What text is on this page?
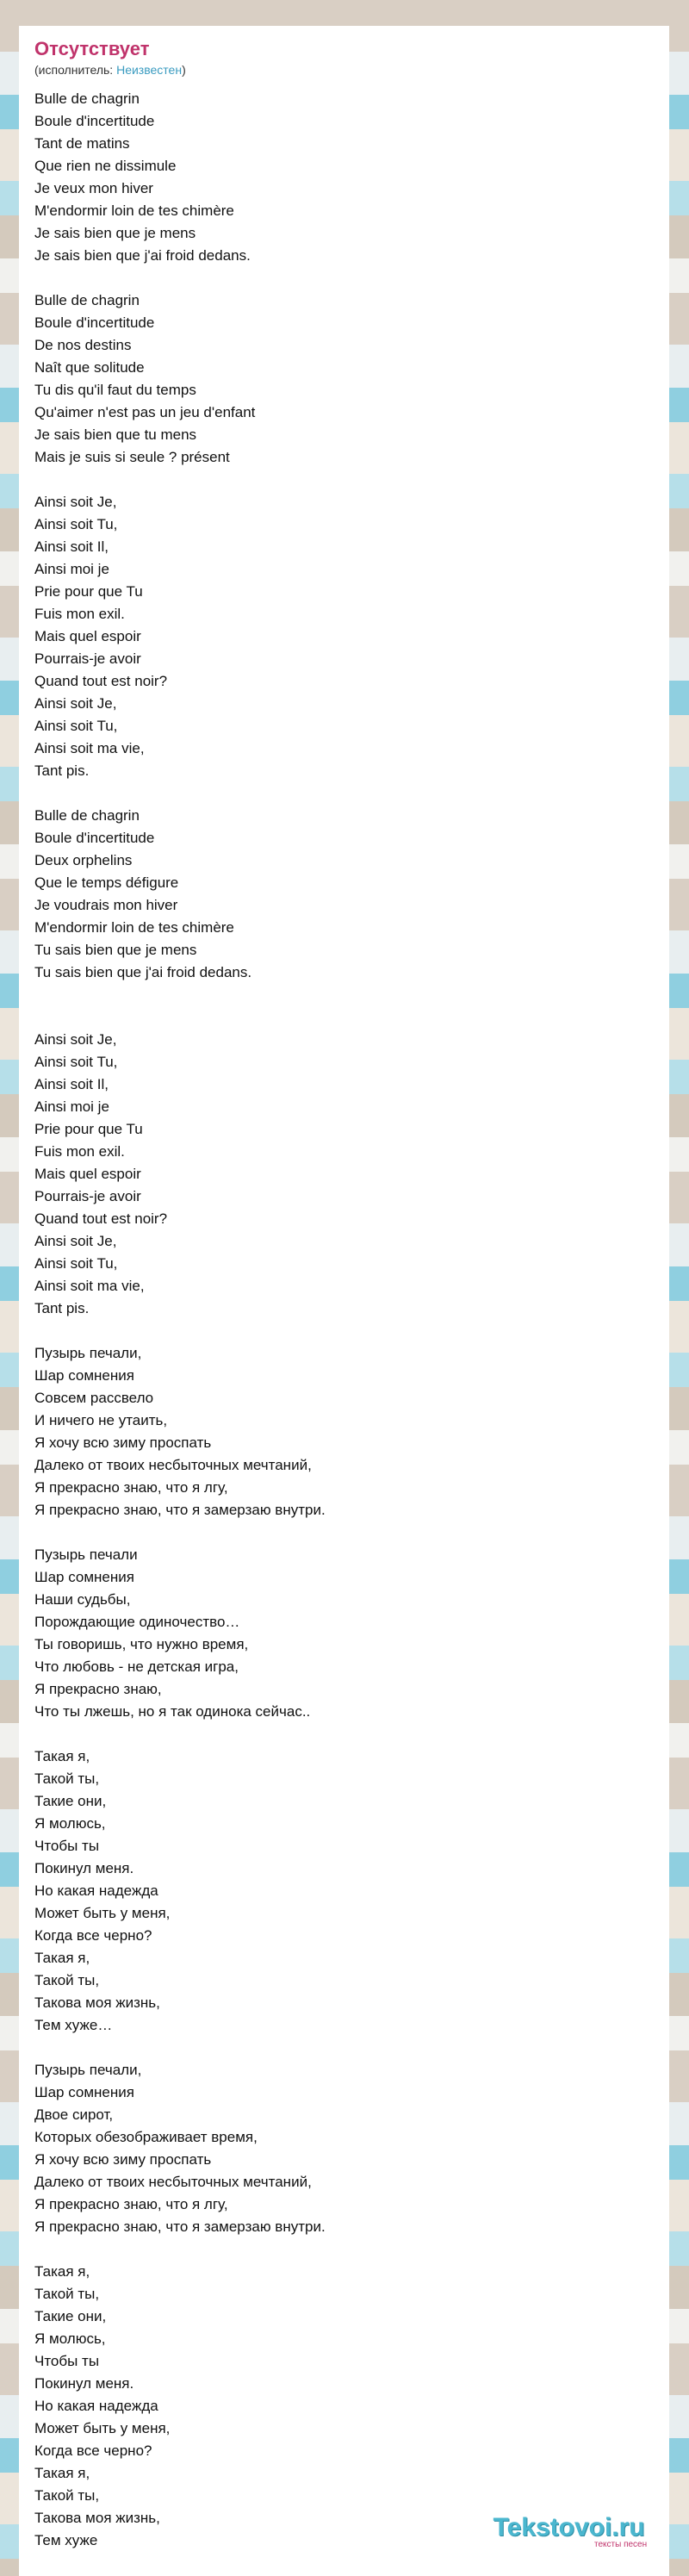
Отсутствует
(исполнитель: Неизвестен)
Bulle de chagrin
Boule d'incertitude
Tant de matins
Que rien ne dissimule
Je veux mon hiver
M'endormir loin de tes chimère
Je sais bien que je mens
Je sais bien que j'ai froid dedans.
Bulle de chagrin
Boule d'incertitude
De nos destins
Naît que solitude
Tu dis qu'il faut du temps
Qu'aimer n'est pas un jeu d'enfant
Je sais bien que tu mens
Mais je suis si seule ? présent
Ainsi soit Je,
Ainsi soit Tu,
Ainsi soit Il,
Ainsi moi je
Prie pour que Tu
Fuis mon exil.
Mais quel espoir
Pourrais-je avoir
Quand tout est noir?
Ainsi soit Je,
Ainsi soit Tu,
Ainsi soit ma vie,
Tant pis.
Bulle de chagrin
Boule d'incertitude
Deux orphelins
Que le temps défigure
Je voudrais mon hiver
M'endormir loin de tes chimère
Tu sais bien que je mens
Tu sais bien que j'ai froid dedans.

Ainsi soit Je,
Ainsi soit Tu,
Ainsi soit Il,
Ainsi moi je
Prie pour que Tu
Fuis mon exil.
Mais quel espoir
Pourrais-je avoir
Quand tout est noir?
Ainsi soit Je,
Ainsi soit Tu,
Ainsi soit ma vie,
Tant pis.
Пузырь печали,
Шар сомнения
Совсем рассвело
И ничего не утаить,
Я хочу всю зиму проспать
Далеко от твоих несбыточных мечтаний,
Я прекрасно знаю, что я лгу,
Я прекрасно знаю, что я замерзаю внутри.
Пузырь печали
Шар сомнения
Наши судьбы,
Порождающие одиночество…
Ты говоришь, что нужно время,
Что любовь - не детская игра,
Я прекрасно знаю,
Что ты лжешь, но я так одинока сейчас..
Такая я,
Такой ты,
Такие они,
Я молюсь,
Чтобы ты
Покинул меня.
Но какая надежда
Может быть у меня,
Когда все черно?
Такая я,
Такой ты,
Такова моя жизнь,
Тем хуже…
Пузырь печали,
Шар сомнения
Двое сирот,
Которых обезображивает время,
Я хочу всю зиму проспать
Далеко от твоих несбыточных мечтаний,
Я прекрасно знаю, что я лгу,
Я прекрасно знаю, что я замерзаю внутри.
Такая я,
Такой ты,
Такие они,
Я молюсь,
Чтобы ты
Покинул меня.
Но какая надежда
Может быть у меня,
Когда все черно?
Такая я,
Такой ты,
Такова моя жизнь,
Тем хуже	Tekstovoi.ru
тексты песен
